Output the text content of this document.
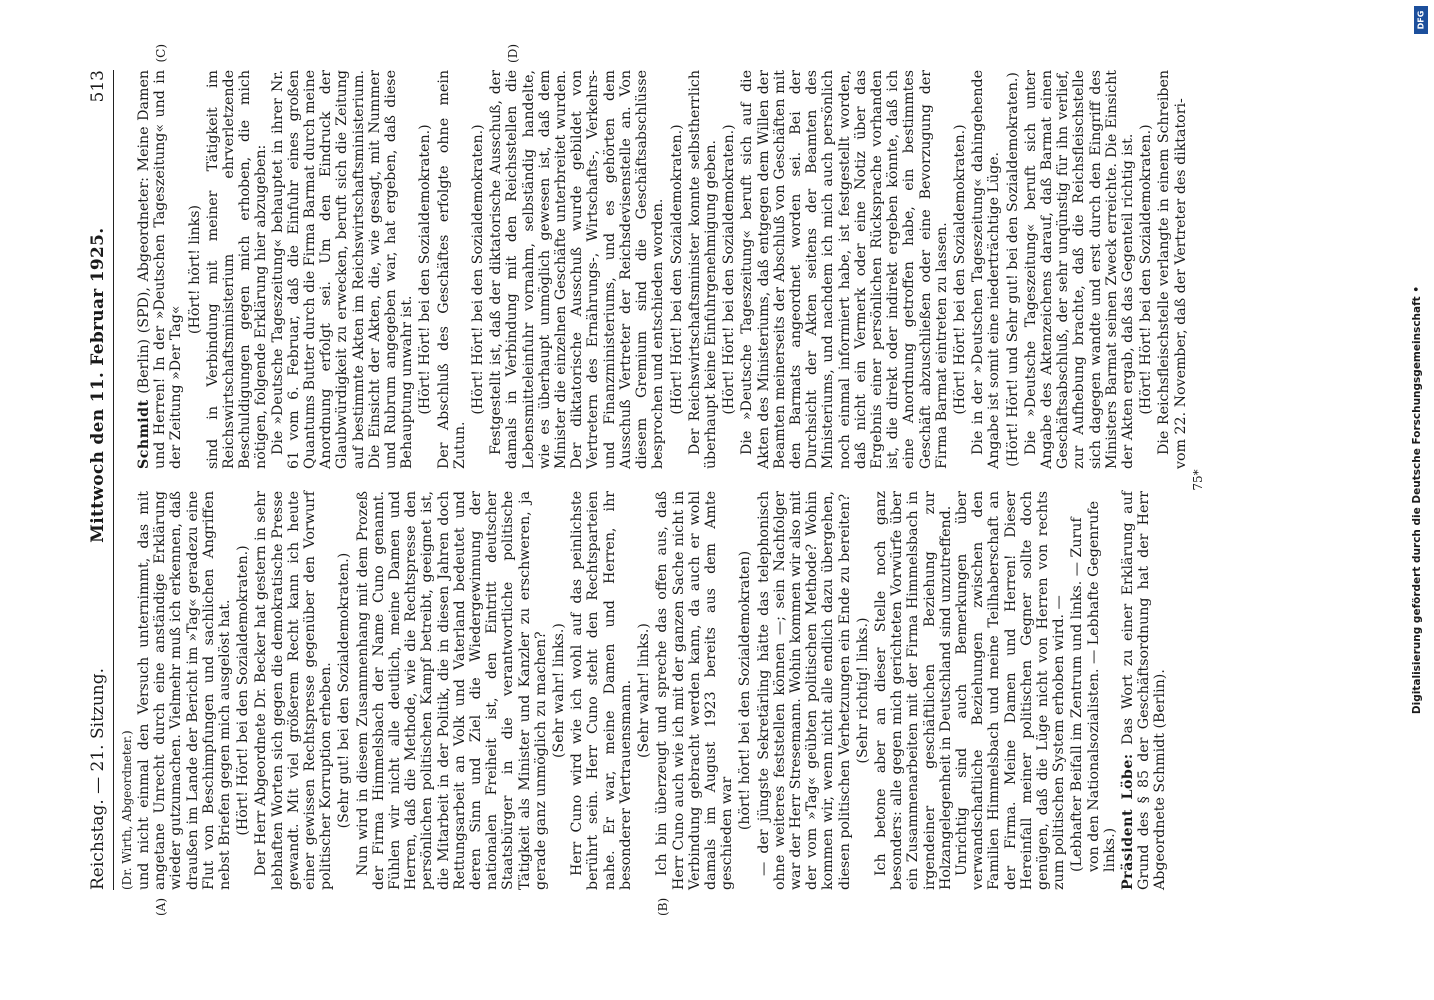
Reichstag. — 21. Sitzung.
Mittwoch den 11. Februar 1925.
513
(Dr. Wirth, Abgeordneter.)
(A)	(B)
(C)	(D)

und nicht einmal den Versuch unternimmt, das mit angetane Unrecht durch eine anständige Erklärung wieder gutzumachen. Vielmehr muß ich erkennen, daß draußen im Lande der Bericht im »Tag« geradezu eine Flut von Beschimpfungen und sachlichen Angriffen nebst Briefen gegen mich ausgelöst hat. (Hört! Hört! bei den Sozialdemokraten.) Der Herr Abgeordnete Dr. Becker hat gestern in sehr lebhaften Worten sich gegen die demokratische Presse gewandt. Mit viel größerem Recht kann ich heute einer gewissen Rechtspresse gegenüber den Vorwurf politischer Korruption erheben. (Sehr gut! bei den Sozialdemokraten.) Nun wird in diesem Zusammenhang mit dem Prozeß der Firma Himmelsbach der Name Cuno genannt. Fühlen wir nicht alle deutlich, meine Damen und Herren, daß die Methode, wie die Rechtspresse den persönlichen politischen Kampf betreibt, geeignet ist, die Mitarbeit in der Politik, die in diesen Jahren doch Rettungsarbeit an Volk und Vaterland bedeutet und deren Sinn und Ziel die Wiedergewinnung der nationalen Freiheit ist, den Eintritt deutscher Staatsbürger in die verantwortliche politische Tätigkeit als Minister und Kanzler zu erschweren, ja gerade ganz unmöglich zu machen? (Sehr wahr! links.) Herr Cuno wird wie ich wohl auf das peinlichste berührt sein. Herr Cuno steht den Rechtsparteien nahe. Er war, meine Damen und Herren, ihr besonderer Vertrauensmann. (Sehr wahr! links.) Ich bin überzeugt und spreche das offen aus, daß Herr Cuno auch wie ich mit der ganzen Sache nicht in Verbindung gebracht werden kann, da auch er wohl damals im August 1923 bereits aus dem Amte geschieden war

(hört! hört! bei den Sozialdemokraten) — der jüngste Sekretärling hätte das telephonisch ohne weiteres feststellen können —; sein Nachfolger war der Herr Stresemann. Wohin kommen wir also mit der vom »Tag« geübten politischen Methode? Wohin kommen wir, wenn nicht alle endlich dazu übergehen, diesen politischen Verhetzungen ein Ende zu bereiten? (Sehr richtig! links.) Ich betone aber an dieser Stelle noch ganz besonders: alle gegen mich gerichteten Vorwürfe über ein Zusammenarbeiten mit der Firma Himmelsbach in irgendeiner geschäftlichen Beziehung zur Holzangelegenheit in Deutschland sind unzutreffend. Unrichtig sind auch Bemerkungen über verwandschaftliche Beziehungen zwischen den Familien Himmelsbach und meine Teilhaberschaft an der Firma. Meine Damen und Herren! Dieser Hereinfall meiner politischen Gegner sollte doch genügen, daß die Lüge nicht von Herren von rechts zum politischen System erhoben wird. — (Lebhafter Beifall im Zentrum und links. — Zuruf von den Nationalsozialisten. — Lebhafte Gegenrufe links.) Präsident Löbe: Das Wort zu einer Erklärung auf Grund des § 85 der Geschäftsordnung hat der Herr Abgeordnete Schmidt (Berlin).

Schmidt (Berlin) (SPD), Abgeordneter: Meine Damen und Herren! In der »Deutschen Tageszeitung« und in der Zeitung »Der Tag«

(Hört! hört! links) sind in Verbindung mit meiner Tätigkeit im Reichswirtschaftsministerium ehrverletzende Beschuldigungen gegen mich erhoben, die mich nötigen, folgende Erklärung hier abzugeben: Die »Deutsche Tageszeitung« behauptet in ihrer Nr. 61 vom 6. Februar, daß die Einfuhr eines großen Quantums Butter durch die Firma Barmat durch meine Anordnung erfolgt sei. Um den Eindruck der Glaubwürdigkeit zu erwecken, beruft sich die Zeitung auf bestimmte Akten im Reichswirtschaftsministerium. Die Einsicht der Akten, die, wie gesagt, mit Nummer und Rubrum angegeben war, hat ergeben, daß diese Behauptung unwahr ist. (Hört! Hört! bei den Sozialdemokraten.) Der Abschluß des Geschäftes erfolgte ohne mein Zutun.

(Hört! Hört! bei den Sozialdemokraten.) Festgestellt ist, daß der diktatorische Ausschuß, der damals in Verbindung mit den Reichsstellen die Lebensmitteleinfuhr vornahm, selbständig handelte, wie es überhaupt unmöglich gewesen ist, daß dem Minister die einzelnen Geschäfte unterbreitet wurden. Der diktatorische Ausschuß wurde gebildet von Vertretern des Ernährungs-, Wirtschafts-, Verkehrs- und Finanzministeriums, und es gehörten dem Ausschuß Vertreter der Reichsdevisenstelle an. Von diesem Gremium sind die Geschäftsabschlüsse besprochen und entschieden worden. (Hört! Hört! bei den Sozialdemokraten.) Der Reichswirtschaftsminister konnte selbstherrlich überhaupt keine Einfuhrgenehmigung geben. (Hört! Hört! bei den Sozialdemokraten.) Die »Deutsche Tageszeitung« beruft sich auf die Akten des Ministeriums, daß entgegen dem Willen der Beamten meinerseits der Abschluß von Geschäften mit den Barmats angeordnet worden sei. Bei der Durchsicht der Akten seitens der Beamten des Ministeriums, und nachdem ich mich auch persönlich noch einmal informiert habe, ist festgestellt worden, daß nicht ein Vermerk oder eine Notiz über das Ergebnis einer persönlichen Rücksprache vorhanden ist, die direkt oder indirekt ergeben könnte, daß ich eine Anordnung getroffen habe, ein bestimmtes Geschäft abzuschließen oder eine Bevorzugung der Firma Barmat eintreten zu lassen. (Hört! Hört! bei den Sozialdemokraten.) Die in der »Deutschen Tageszeitung« dahingehende Angabe ist somit eine niederträchtige Lüge. (Hört! Hört! und Sehr gut! bei den Sozialdemokraten.) Die »Deutsche Tageszeitung« beruft sich unter Angabe des Aktenzeichens darauf, daß Barmat einen Geschäftsabschluß, der sehr unqünstig für ihn verlief, zur Aufhebung brachte, daß die Reichsfleischstelle sich dagegen wandte und erst durch den Eingriff des Ministers Barmat seinen Zweck erreichte. Die Einsicht der Akten ergab, daß das Gegenteil richtig ist. (Hört! Hört! bei den Sozialdemokraten.) Die Reichsfleischstelle verlangte in einem Schreiben vom 22. November, daß der Vertreter des diktatori-

75*
DFG
Digitalisierung gefördert durch die Deutsche Forschungsgemeinschaft •
